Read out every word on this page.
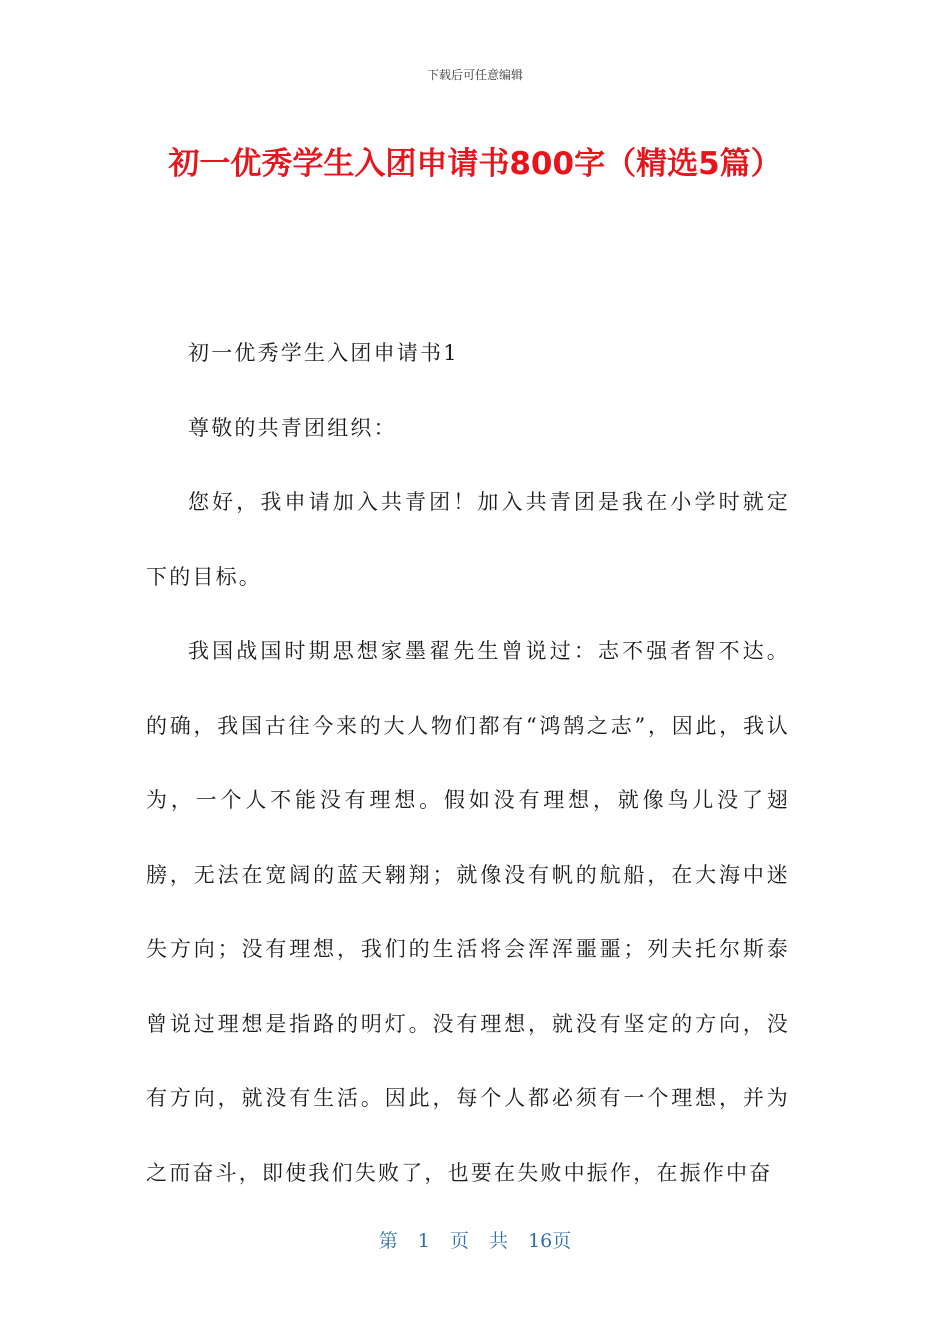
下载后可任意编辑
初一优秀学生入团申请书800字（精选5篇）

初一优秀学生入团申请书1

尊敬的共青团组织：

您好，我申请加入共青团！加入共青团是我在小学时就定下的目标。

我国战国时期思想家墨翟先生曾说过：志不强者智不达。的确，我国古往今来的大人物们都有“鸿鹄之志”，因此，我认为，一个人不能没有理想。假如没有理想，就像鸟儿没了翅膀，无法在宽阔的蓝天翱翔；就像没有帆的航船，在大海中迷失方向；没有理想，我们的生活将会浑浑噩噩；列夫托尔斯泰曾说过理想是指路的明灯。没有理想，就没有坚定的方向，没有方向，就没有生活。因此，每个人都必须有一个理想，并为之而奋斗，即使我们失败了，也要在失败中振作，在振作中奋

第 1 页 共 16页
